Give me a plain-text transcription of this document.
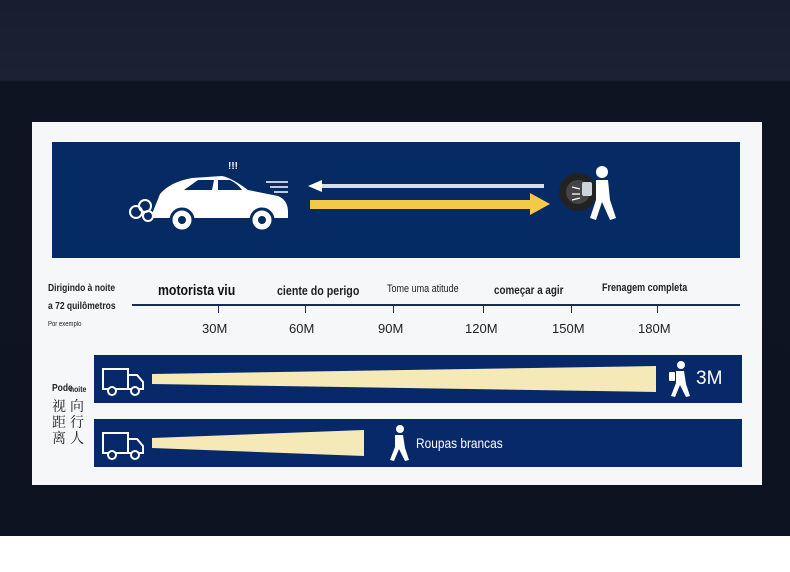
!!!
Dirigindo à noite
a 72 quilômetros
Por exemplo
motorista viu	ciente do perigo	Tome uma atitude	começar a agir	Frenagem completa
30M	60M	90M	120M	150M	180M
Pode
noite
视距离
向行人
3M
Roupas brancas
